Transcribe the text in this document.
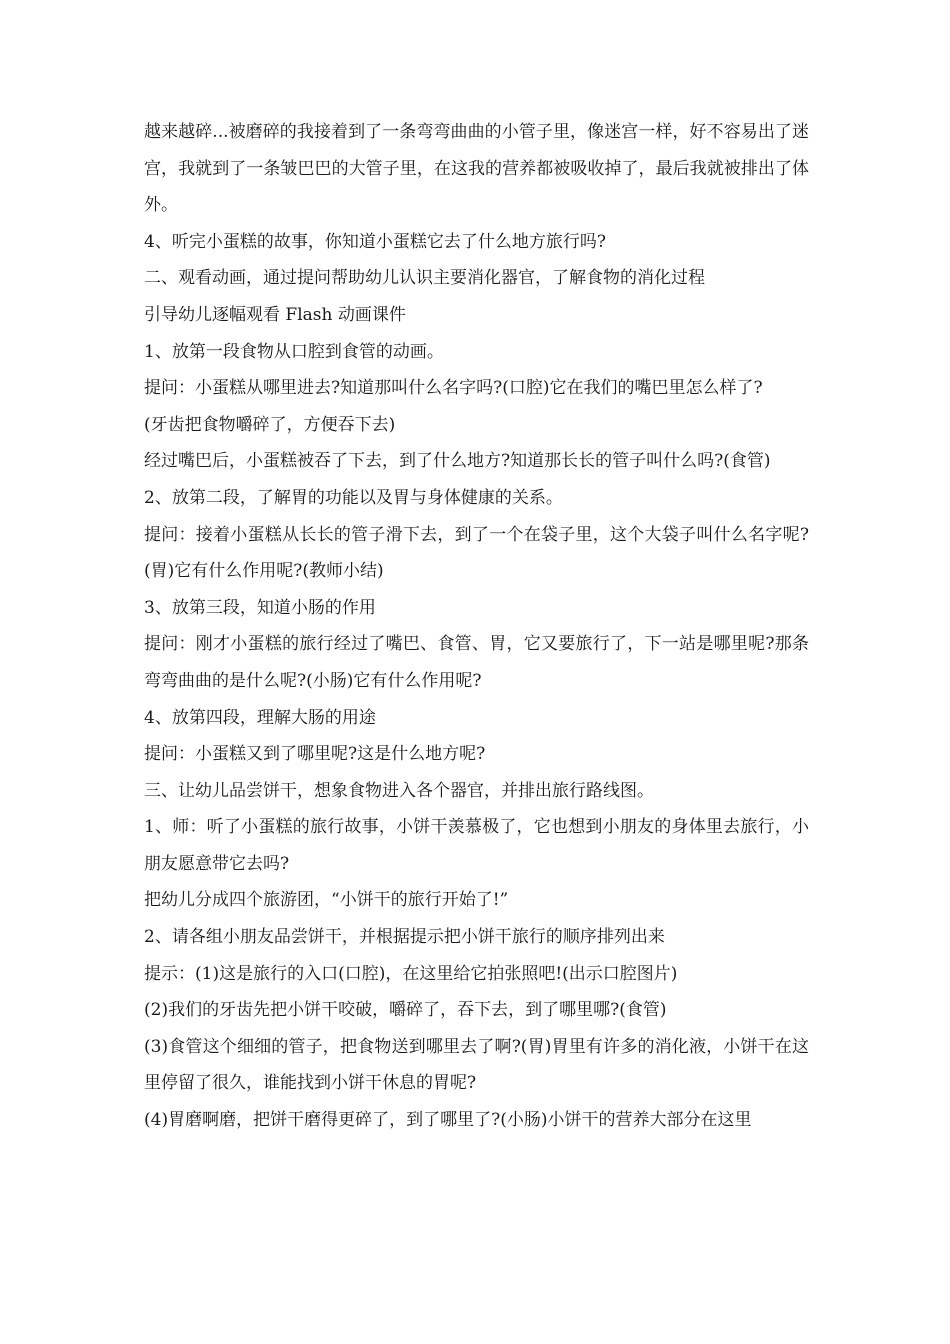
越来越碎...被磨碎的我接着到了一条弯弯曲曲的小管子里，像迷宫一样，好不容易出了迷宫，我就到了一条皱巴巴的大管子里，在这我的营养都被吸收掉了，最后我就被排出了体外。

4、听完小蛋糕的故事，你知道小蛋糕它去了什么地方旅行吗?

二、观看动画，通过提问帮助幼儿认识主要消化器官，了解食物的消化过程

引导幼儿逐幅观看 Flash 动画课件

1、放第一段食物从口腔到食管的动画。

提问：小蛋糕从哪里进去?知道那叫什么名字吗?(口腔)它在我们的嘴巴里怎么样了?

(牙齿把食物嚼碎了，方便吞下去)

经过嘴巴后，小蛋糕被吞了下去，到了什么地方?知道那长长的管子叫什么吗?(食管)

2、放第二段，了解胃的功能以及胃与身体健康的关系。

提问：接着小蛋糕从长长的管子滑下去，到了一个在袋子里，这个大袋子叫什么名字呢?(胃)它有什么作用呢?(教师小结)

3、放第三段，知道小肠的作用

提问：刚才小蛋糕的旅行经过了嘴巴、食管、胃，它又要旅行了，下一站是哪里呢?那条弯弯曲曲的是什么呢?(小肠)它有什么作用呢?

4、放第四段，理解大肠的用途

提问：小蛋糕又到了哪里呢?这是什么地方呢?

三、让幼儿品尝饼干，想象食物进入各个器官，并排出旅行路线图。

1、师：听了小蛋糕的旅行故事，小饼干羡慕极了，它也想到小朋友的身体里去旅行，小朋友愿意带它去吗?

把幼儿分成四个旅游团，“小饼干的旅行开始了!”

2、请各组小朋友品尝饼干，并根据提示把小饼干旅行的顺序排列出来

提示：(1)这是旅行的入口(口腔)，在这里给它拍张照吧!(出示口腔图片)

(2)我们的牙齿先把小饼干咬破，嚼碎了，吞下去，到了哪里哪?(食管)

(3)食管这个细细的管子，把食物送到哪里去了啊?(胃)胃里有许多的消化液，小饼干在这里停留了很久，谁能找到小饼干休息的胃呢?

(4)胃磨啊磨，把饼干磨得更碎了，到了哪里了?(小肠)小饼干的营养大部分在这里
